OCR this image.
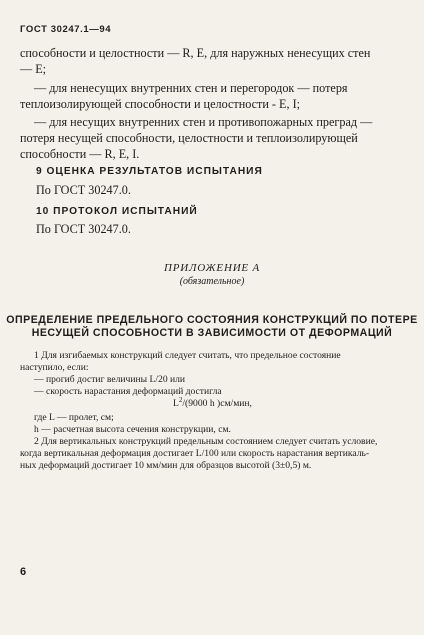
ГОСТ 30247.1—94
способности и целостности — R, E, для наружных ненесущих стен
— E;
— для ненесущих внутренних стен и перегородок — потеря
теплоизолирующей способности и целостности - E, I;
— для несущих внутренних стен и противопожарных преград —
потеря несущей способности, целостности и теплоизолирующей
способности — R, E, I.
9 ОЦЕНКА РЕЗУЛЬТАТОВ ИСПЫТАНИЯ
По ГОСТ 30247.0.
10 ПРОТОКОЛ ИСПЫТАНИЙ
По ГОСТ 30247.0.
ПРИЛОЖЕНИЕ А
(обязательное)
ОПРЕДЕЛЕНИЕ ПРЕДЕЛЬНОГО СОСТОЯНИЯ КОНСТРУКЦИЙ ПО ПОТЕРЕ
НЕСУЩЕЙ СПОСОБНОСТИ В ЗАВИСИМОСТИ ОТ ДЕФОРМАЦИЙ
1 Для изгибаемых конструкций следует считать, что предельное состояние
наступило, если:
— прогиб достиг величины L/20 или
— скорость нарастания деформаций достигла
$L^2/(9000$ h )см/мин,
где L — пролет, см;
h — расчетная высота сечения конструкции, см.
2 Для вертикальных конструкций предельным состоянием следует считать условие,
когда вертикальная деформация достигает L/100 или скорость нарастания вертикаль-
ных деформаций достигает 10 мм/мин для образцов высотой (3±0,5) м.
6
